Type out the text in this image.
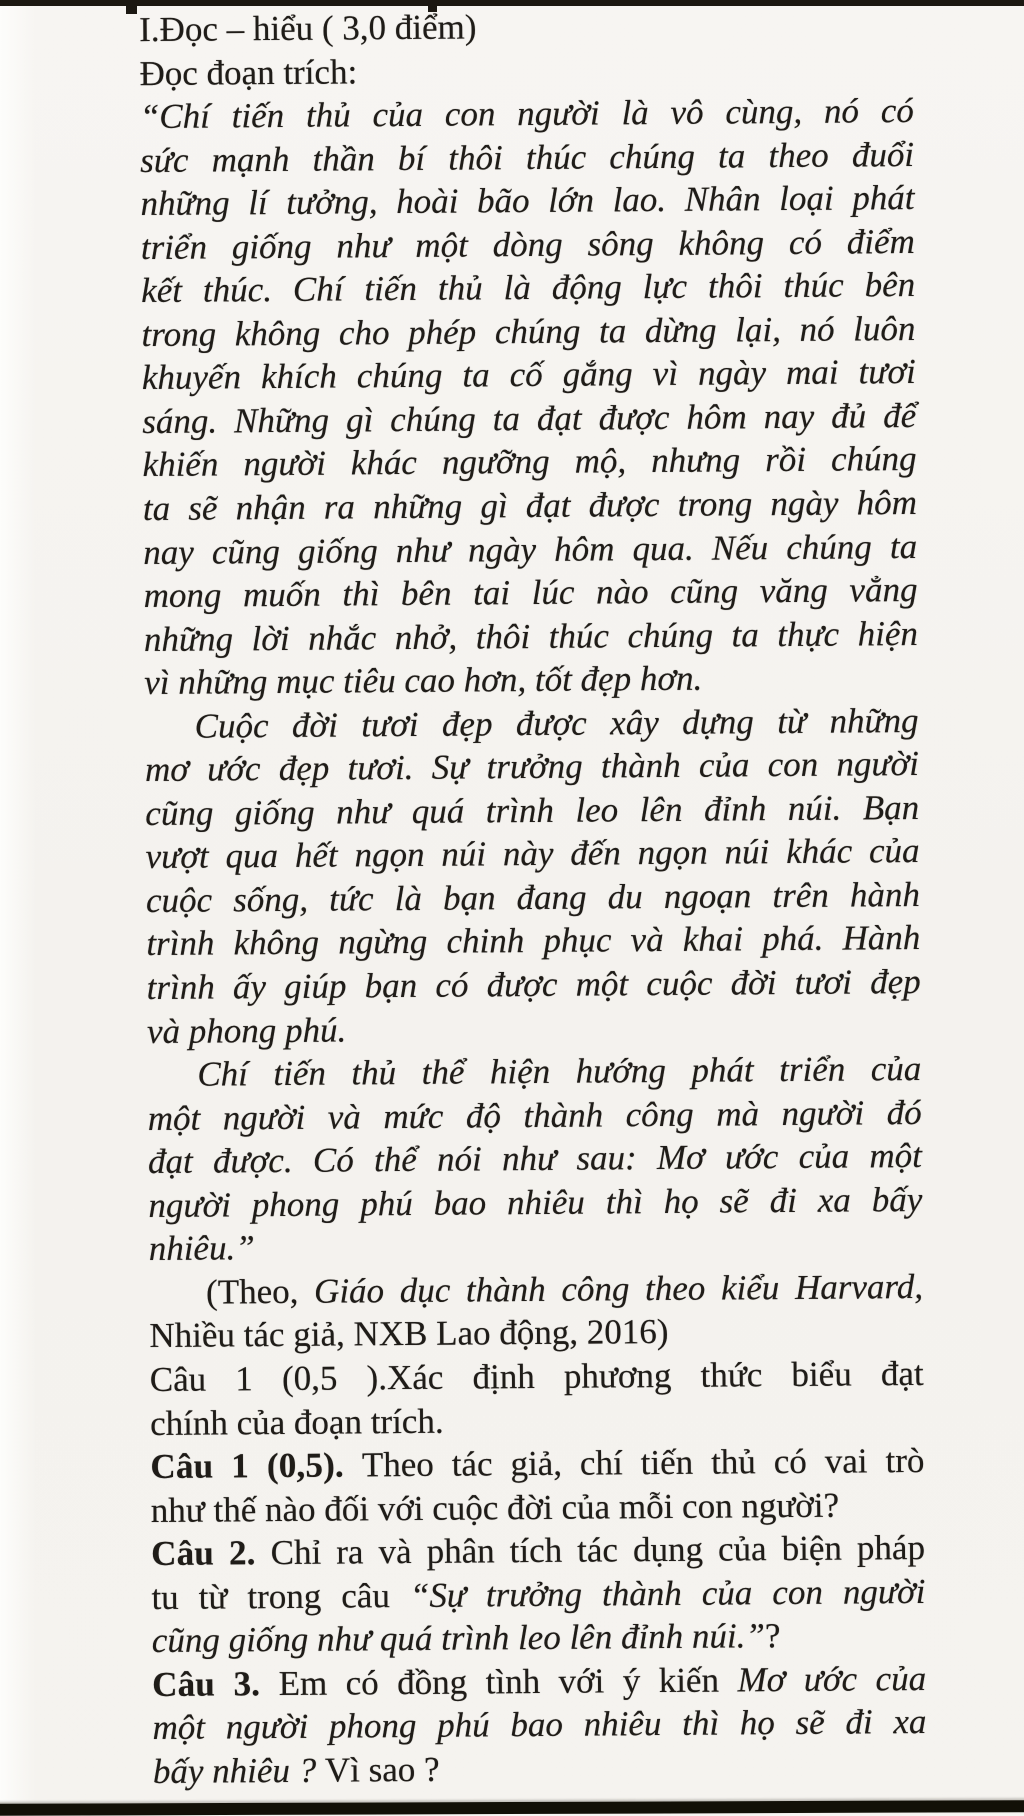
I.Đọc – hiểu ( 3,0 điểm)
Đọc đoạn trích:
“Chí tiến thủ của con người là vô cùng, nó có
sức mạnh thần bí thôi thúc chúng ta theo đuổi
những lí tưởng, hoài bão lớn lao. Nhân loại phát
triển giống như một dòng sông không có điểm
kết thúc. Chí tiến thủ là động lực thôi thúc bên
trong không cho phép chúng ta dừng lại, nó luôn
khuyến khích chúng ta cố gắng vì ngày mai tươi
sáng. Những gì chúng ta đạt được hôm nay đủ để
khiến người khác ngưỡng mộ, nhưng rồi chúng
ta sẽ nhận ra những gì đạt được trong ngày hôm
nay cũng giống như ngày hôm qua. Nếu chúng ta
mong muốn thì bên tai lúc nào cũng văng vẳng
những lời nhắc nhở, thôi thúc chúng ta thực hiện
vì những mục tiêu cao hơn, tốt đẹp hơn.
Cuộc đời tươi đẹp được xây dựng từ những
mơ ước đẹp tươi. Sự trưởng thành của con người
cũng giống như quá trình leo lên đỉnh núi. Bạn
vượt qua hết ngọn núi này đến ngọn núi khác của
cuộc sống, tức là bạn đang du ngoạn trên hành
trình không ngừng chinh phục và khai phá. Hành
trình ấy giúp bạn có được một cuộc đời tươi đẹp
và phong phú.
Chí tiến thủ thể hiện hướng phát triển của
một người và mức độ thành công mà người đó
đạt được. Có thể nói như sau: Mơ ước của một
người phong phú bao nhiêu thì họ sẽ đi xa bấy
nhiêu.”
(Theo, Giáo dục thành công theo kiểu Harvard,
Nhiều tác giả, NXB Lao động, 2016)
Câu 1 (0,5 ).Xác định phương thức biểu đạt
chính của đoạn trích.
Câu 1 (0,5). Theo tác giả, chí tiến thủ có vai trò
như thế nào đối với cuộc đời của mỗi con người?
Câu 2. Chỉ ra và phân tích tác dụng của biện pháp
tu từ trong câu “Sự trưởng thành của con người
cũng giống như quá trình leo lên đỉnh núi.”?
Câu 3. Em có đồng tình với ý kiến Mơ ước của
một người phong phú bao nhiêu thì họ sẽ đi xa
bấy nhiêu ? Vì sao ?
